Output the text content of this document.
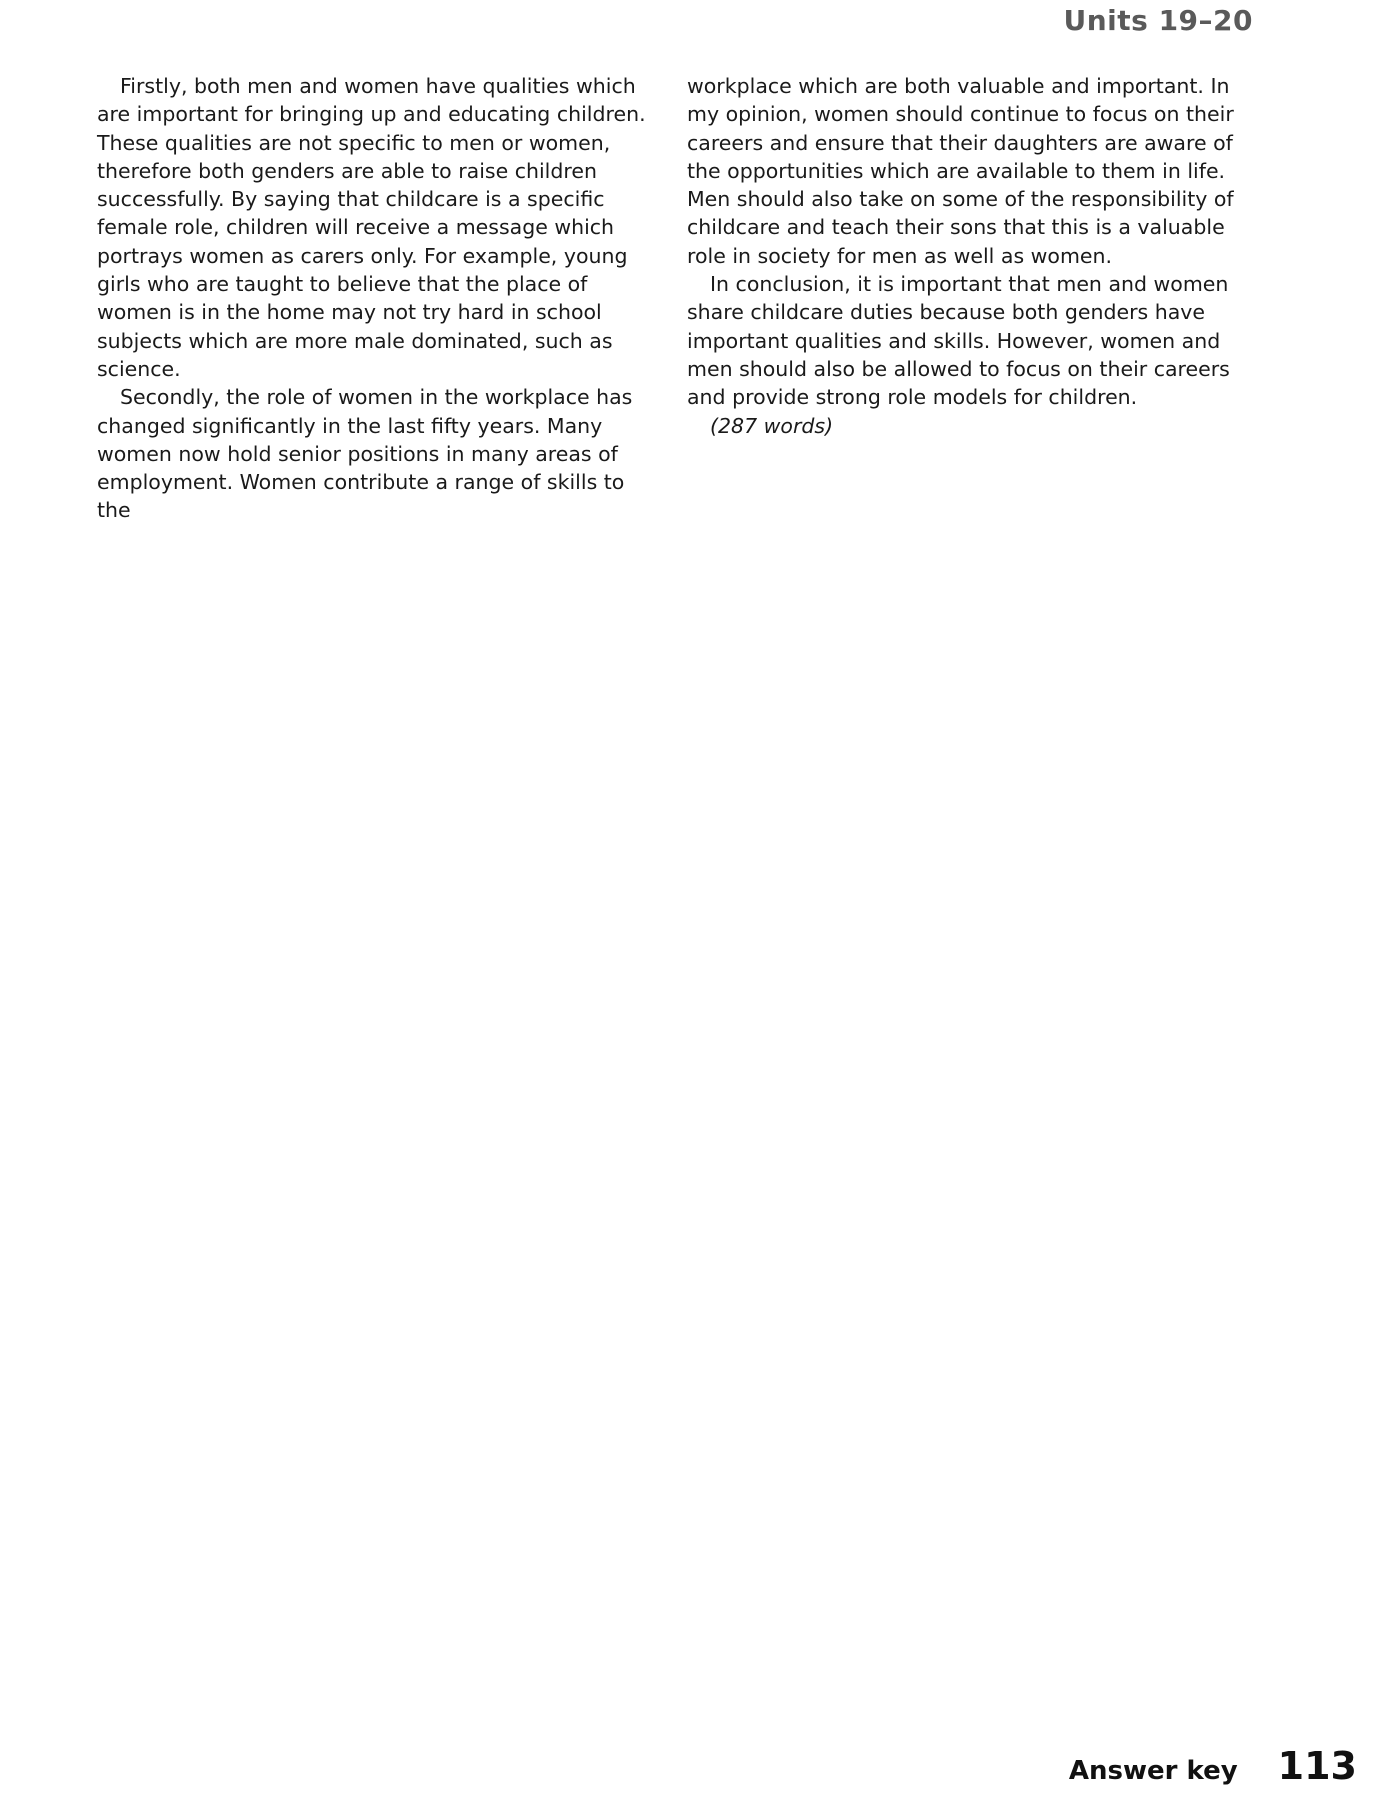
Units 19–20

Firstly, both men and women have qualities which are important for bringing up and educating children. These qualities are not specific to men or women, therefore both genders are able to raise children successfully. By saying that childcare is a specific female role, children will receive a message which portrays women as carers only. For example, young girls who are taught to believe that the place of women is in the home may not try hard in school subjects which are more male dominated, such as science.

Secondly, the role of women in the workplace has changed significantly in the last fifty years. Many women now hold senior positions in many areas of employment. Women contribute a range of skills to the

workplace which are both valuable and important. In my opinion, women should continue to focus on their careers and ensure that their daughters are aware of the opportunities which are available to them in life. Men should also take on some of the responsibility of childcare and teach their sons that this is a valuable role in society for men as well as women.

In conclusion, it is important that men and women share childcare duties because both genders have important qualities and skills. However, women and men should also be allowed to focus on their careers and provide strong role models for children.

(287 words)

Answer key 113
